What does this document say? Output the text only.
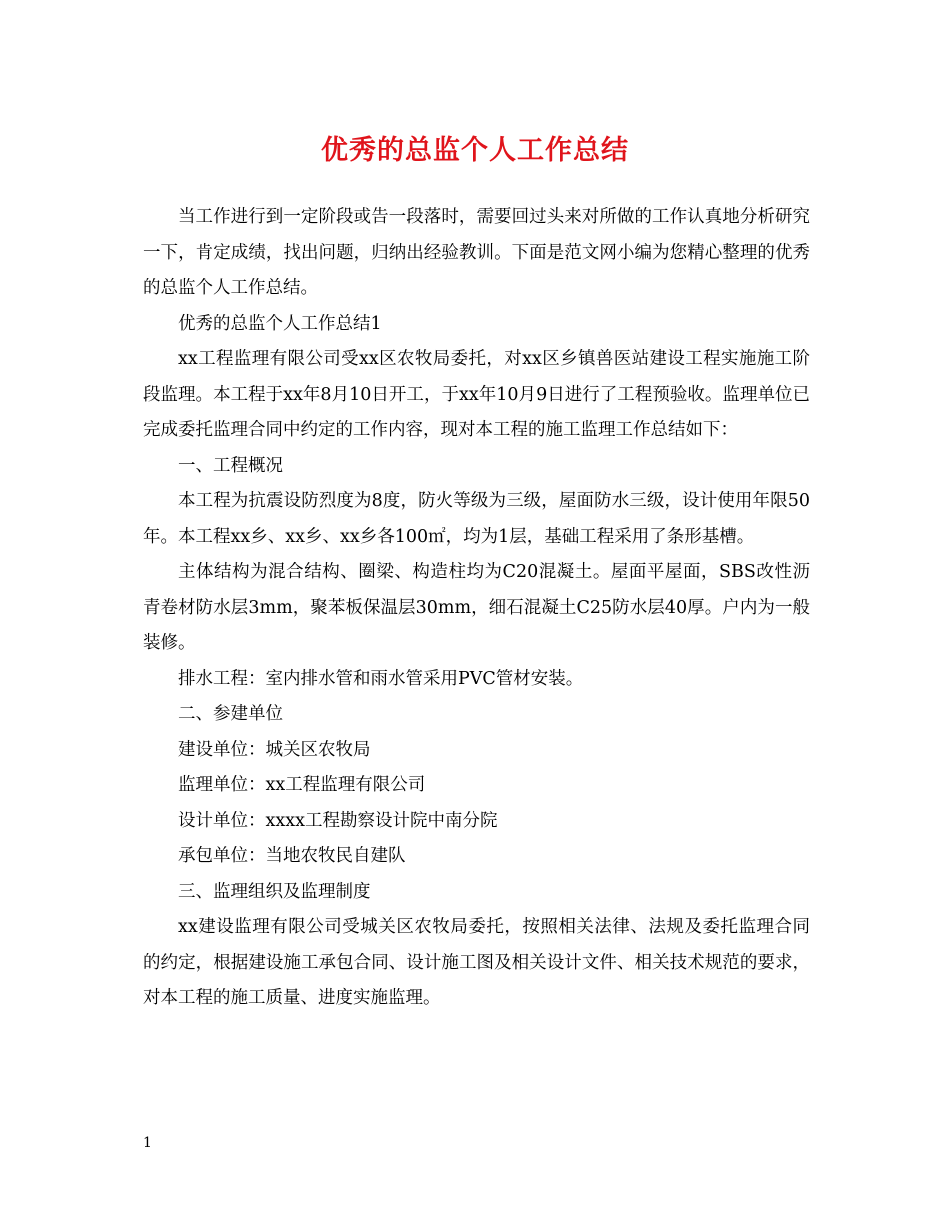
优秀的总监个人工作总结

当工作进行到一定阶段或告一段落时，需要回过头来对所做的工作认真地分析研究一下，肯定成绩，找出问题，归纳出经验教训。下面是范文网小编为您精心整理的优秀的总监个人工作总结。

优秀的总监个人工作总结1

xx工程监理有限公司受xx区农牧局委托，对xx区乡镇兽医站建设工程实施施工阶段监理。本工程于xx年8月10日开工，于xx年10月9日进行了工程预验收。监理单位已完成委托监理合同中约定的工作内容，现对本工程的施工监理工作总结如下：

一、工程概况

本工程为抗震设防烈度为8度，防火等级为三级，屋面防水三级，设计使用年限50年。本工程xx乡、xx乡、xx乡各100㎡，均为1层，基础工程采用了条形基槽。

主体结构为混合结构、圈梁、构造柱均为C20混凝土。屋面平屋面，SBS改性沥青卷材防水层3mm，聚苯板保温层30mm，细石混凝土C25防水层40厚。户内为一般装修。

排水工程：室内排水管和雨水管采用PVC管材安装。

二、参建单位

建设单位：城关区农牧局

监理单位：xx工程监理有限公司

设计单位：xxxx工程勘察设计院中南分院

承包单位：当地农牧民自建队

三、监理组织及监理制度

xx建设监理有限公司受城关区农牧局委托，按照相关法律、法规及委托监理合同的约定，根据建设施工承包合同、设计施工图及相关设计文件、相关技术规范的要求，对本工程的施工质量、进度实施监理。

1
